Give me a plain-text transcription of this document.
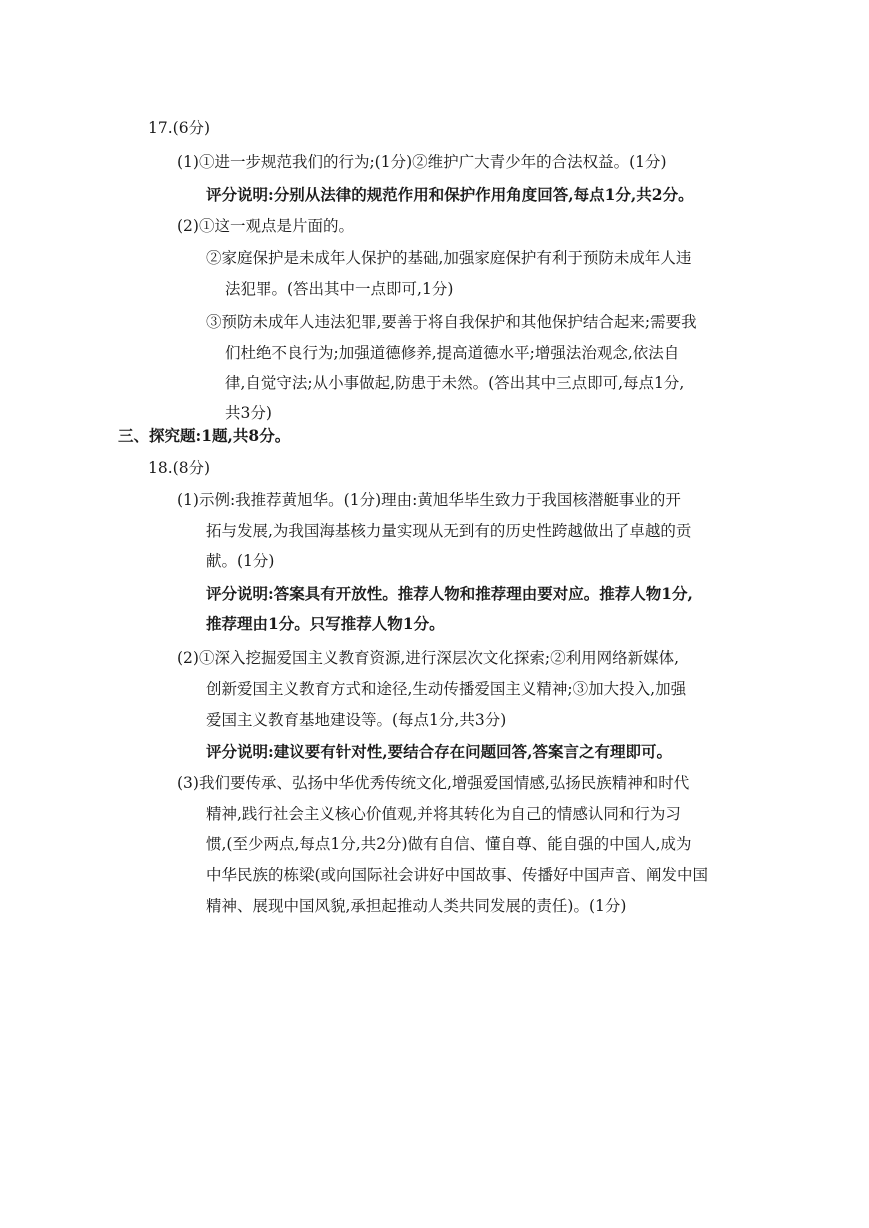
17.(6分)
(1)①进一步规范我们的行为;(1分)②维护广大青少年的合法权益。(1分)
评分说明:分别从法律的规范作用和保护作用角度回答,每点1分,共2分。
(2)①这一观点是片面的。
②家庭保护是未成年人保护的基础,加强家庭保护有利于预防未成年人违
法犯罪。(答出其中一点即可,1分)
③预防未成年人违法犯罪,要善于将自我保护和其他保护结合起来;需要我
们杜绝不良行为;加强道德修养,提高道德水平;增强法治观念,依法自
律,自觉守法;从小事做起,防患于未然。(答出其中三点即可,每点1分,
共3分)
三、探究题:1题,共8分。
18.(8分)
(1)示例:我推荐黄旭华。(1分)理由:黄旭华毕生致力于我国核潜艇事业的开
拓与发展,为我国海基核力量实现从无到有的历史性跨越做出了卓越的贡
献。(1分)
评分说明:答案具有开放性。推荐人物和推荐理由要对应。推荐人物1分,
推荐理由1分。只写推荐人物1分。
(2)①深入挖掘爱国主义教育资源,进行深层次文化探索;②利用网络新媒体,
创新爱国主义教育方式和途径,生动传播爱国主义精神;③加大投入,加强
爱国主义教育基地建设等。(每点1分,共3分)
评分说明:建议要有针对性,要结合存在问题回答,答案言之有理即可。
(3)我们要传承、弘扬中华优秀传统文化,增强爱国情感,弘扬民族精神和时代
精神,践行社会主义核心价值观,并将其转化为自己的情感认同和行为习
惯,(至少两点,每点1分,共2分)做有自信、懂自尊、能自强的中国人,成为
中华民族的栋梁(或向国际社会讲好中国故事、传播好中国声音、阐发中国
精神、展现中国风貌,承担起推动人类共同发展的责任)。(1分)
